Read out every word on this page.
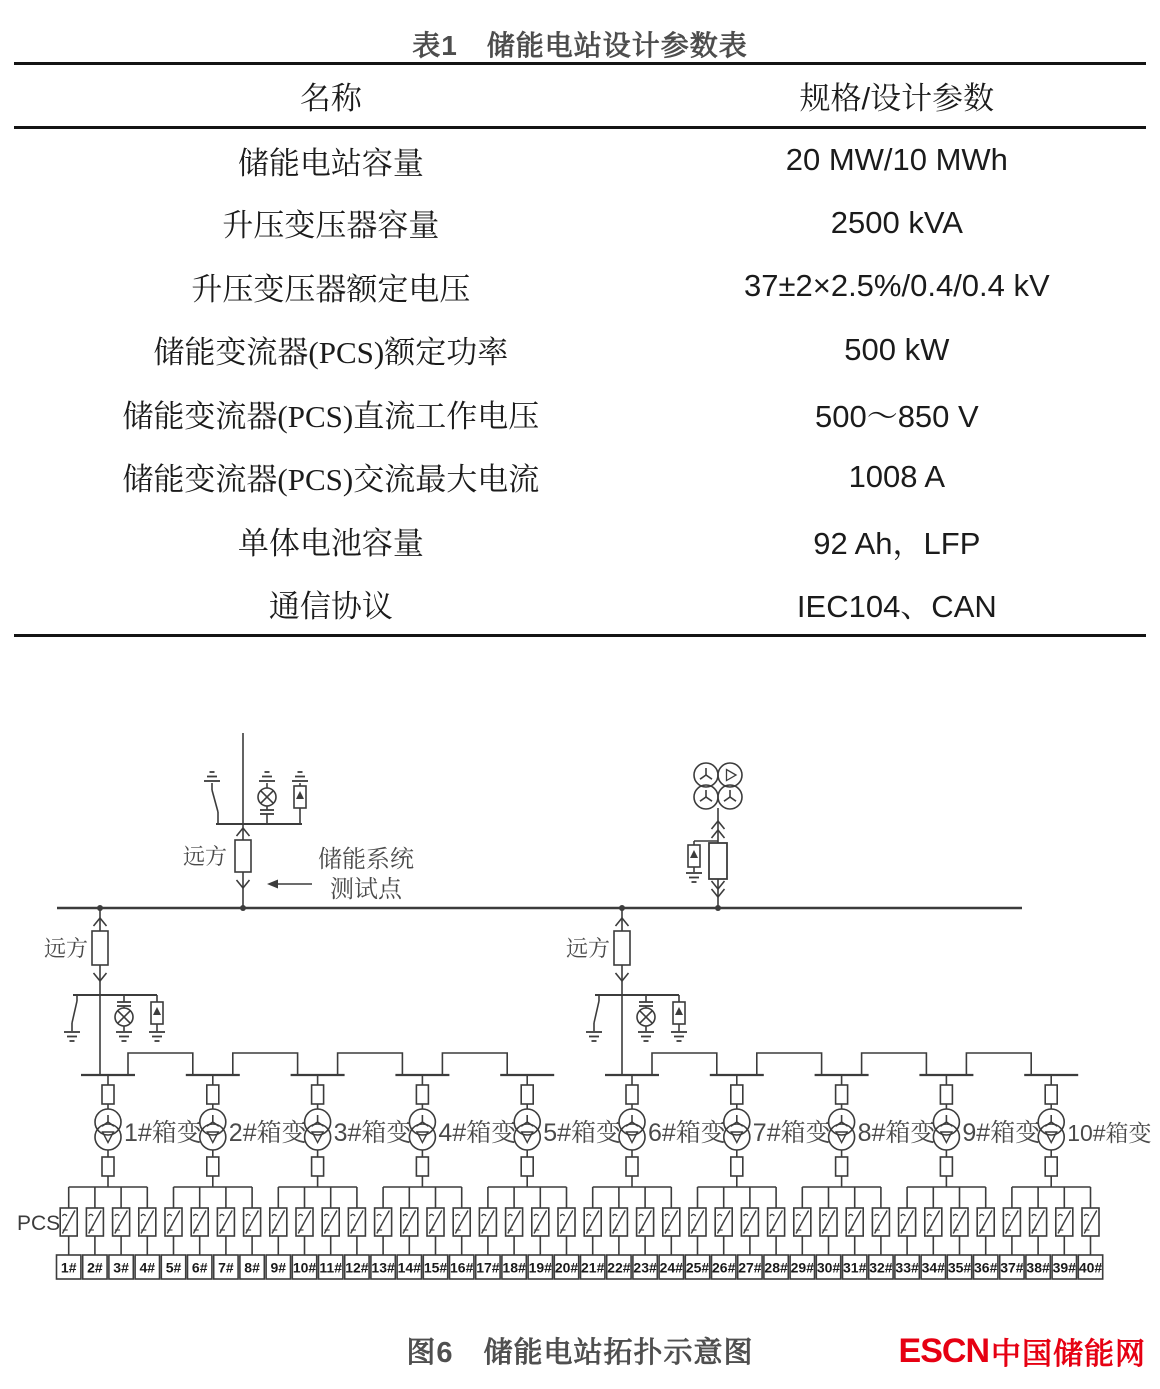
表1　储能电站设计参数表
名称	规格/设计参数
储能电站容量	20 MW/10 MWh
升压变压器容量	2500 kVA
升压变压器额定电压	37±2×2.5%/0.4/0.4 kV
储能变流器(PCS)额定功率	500 kW
储能变流器(PCS)直流工作电压	500～850 V
储能变流器(PCS)交流最大电流	1008 A
单体电池容量	92 Ah，LFP
通信协议	IEC104、CAN
远方	储能系统
测试点
远方	远方
1#箱变
1# 2# 3# 4#
2#箱变
5# 6# 7# 8#
3#箱变
9# 10# 11# 12#
4#箱变
13# 14# 15# 16#
5#箱变
17# 18# 19# 20#
6#箱变
21# 22# 23# 24#
7#箱变
25# 26# 27# 28#
8#箱变
29# 30# 31# 32#
9#箱变
33# 34# 35# 36#
10#箱变
37# 38# 39# 40#
PCS
图6　储能电站拓扑示意图	ESCN 中国储能网
